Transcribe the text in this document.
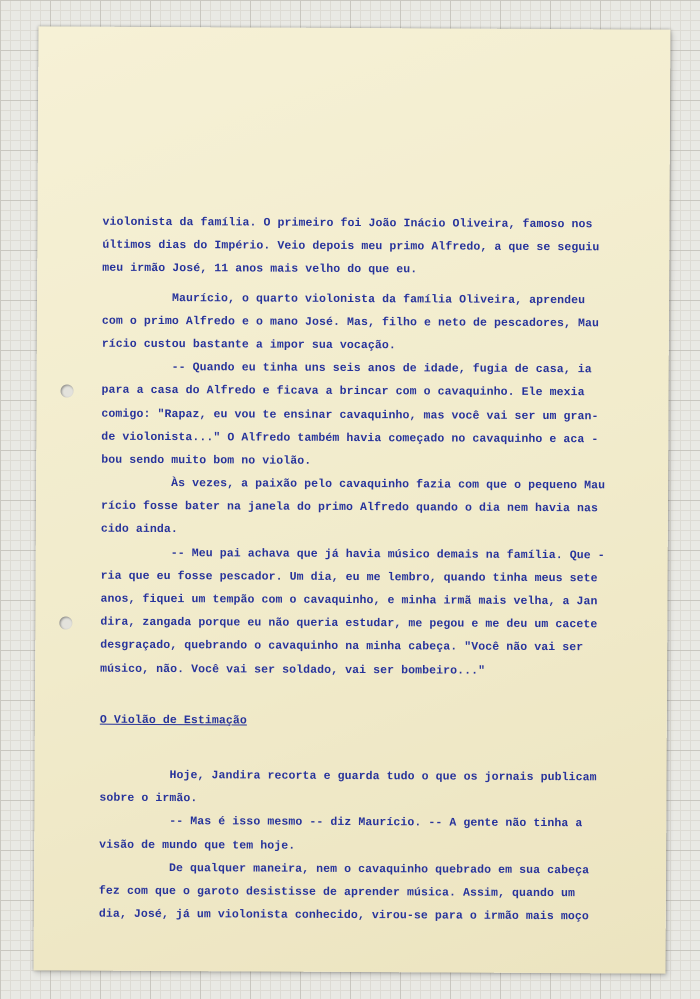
violonista da família. O primeiro foi João Inácio Oliveira, famoso nos
últimos dias do Império. Veio depois meu primo Alfredo, a que se seguiu
meu irmão José, 11 anos mais velho do que eu.
Maurício, o quarto violonista da família Oliveira, aprendeu
com o primo Alfredo e o mano José. Mas, filho e neto de pescadores, Mau
rício custou bastante a impor sua vocação.
-- Quando eu tinha uns seis anos de idade, fugia de casa, ia
para a casa do Alfredo e ficava a brincar com o cavaquinho. Ele mexia
comigo: "Rapaz, eu vou te ensinar cavaquinho, mas você vai ser um gran-
de violonista..." O Alfredo também havia começado no cavaquinho e aca -
bou sendo muito bom no violão.
Às vezes, a paixão pelo cavaquinho fazia com que o pequeno Mau
rício fosse bater na janela do primo Alfredo quando o dia nem havia nas
cido ainda.
-- Meu pai achava que já havia músico demais na família. Que -
ria que eu fosse pescador. Um dia, eu me lembro, quando tinha meus sete
anos, fiquei um tempão com o cavaquinho, e minha irmã mais velha, a Jan
dira, zangada porque eu não queria estudar, me pegou e me deu um cacete
desgraçado, quebrando o cavaquinho na minha cabeça. "Você não vai ser
músico, não. Você vai ser soldado, vai ser bombeiro..."
O Violão de Estimação
Hoje, Jandira recorta e guarda tudo o que os jornais publicam
sobre o irmão.
-- Mas é isso mesmo -- diz Maurício. -- A gente não tinha a
visão de mundo que tem hoje.
De qualquer maneira, nem o cavaquinho quebrado em sua cabeça
fez com que o garoto desistisse de aprender música. Assim, quando um
dia, José, já um violonista conhecido, virou-se para o irmão mais moço
